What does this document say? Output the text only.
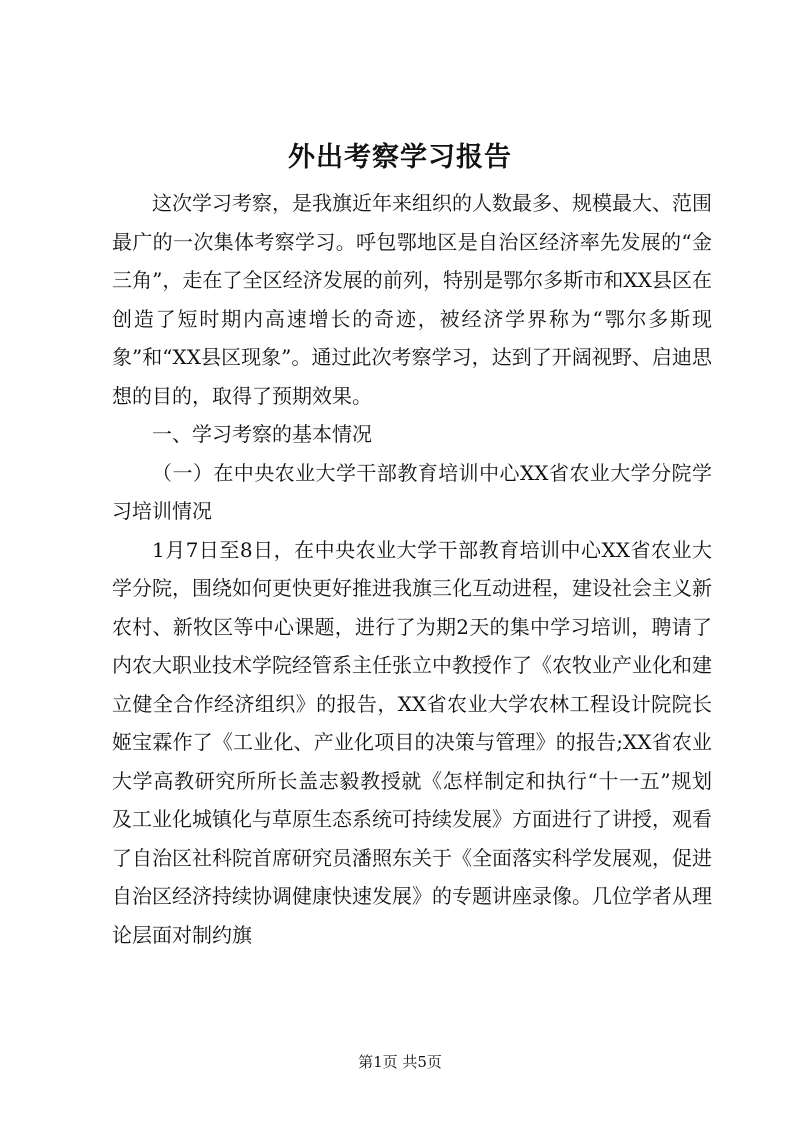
外出考察学习报告

这次学习考察，是我旗近年来组织的人数最多、规模最大、范围最广的一次集体考察学习。呼包鄂地区是自治区经济率先发展的“金三角”，走在了全区经济发展的前列，特别是鄂尔多斯市和XX县区在创造了短时期内高速增长的奇迹，被经济学界称为“鄂尔多斯现象”和“XX县区现象”。通过此次考察学习，达到了开阔视野、启迪思想的目的，取得了预期效果。

一、学习考察的基本情况

（一）在中央农业大学干部教育培训中心XX省农业大学分院学习培训情况

1月7日至8日，在中央农业大学干部教育培训中心XX省农业大学分院，围绕如何更快更好推进我旗三化互动进程，建设社会主义新农村、新牧区等中心课题，进行了为期2天的集中学习培训，聘请了内农大职业技术学院经管系主任张立中教授作了《农牧业产业化和建立健全合作经济组织》的报告，XX省农业大学农林工程设计院院长姬宝霖作了《工业化、产业化项目的决策与管理》的报告;XX省农业大学高教研究所所长盖志毅教授就《怎样制定和执行“十一五”规划及工业化城镇化与草原生态系统可持续发展》方面进行了讲授，观看了自治区社科院首席研究员潘照东关于《全面落实科学发展观，促进自治区经济持续协调健康快速发展》的专题讲座录像。几位学者从理论层面对制约旗

第1页 共5页
